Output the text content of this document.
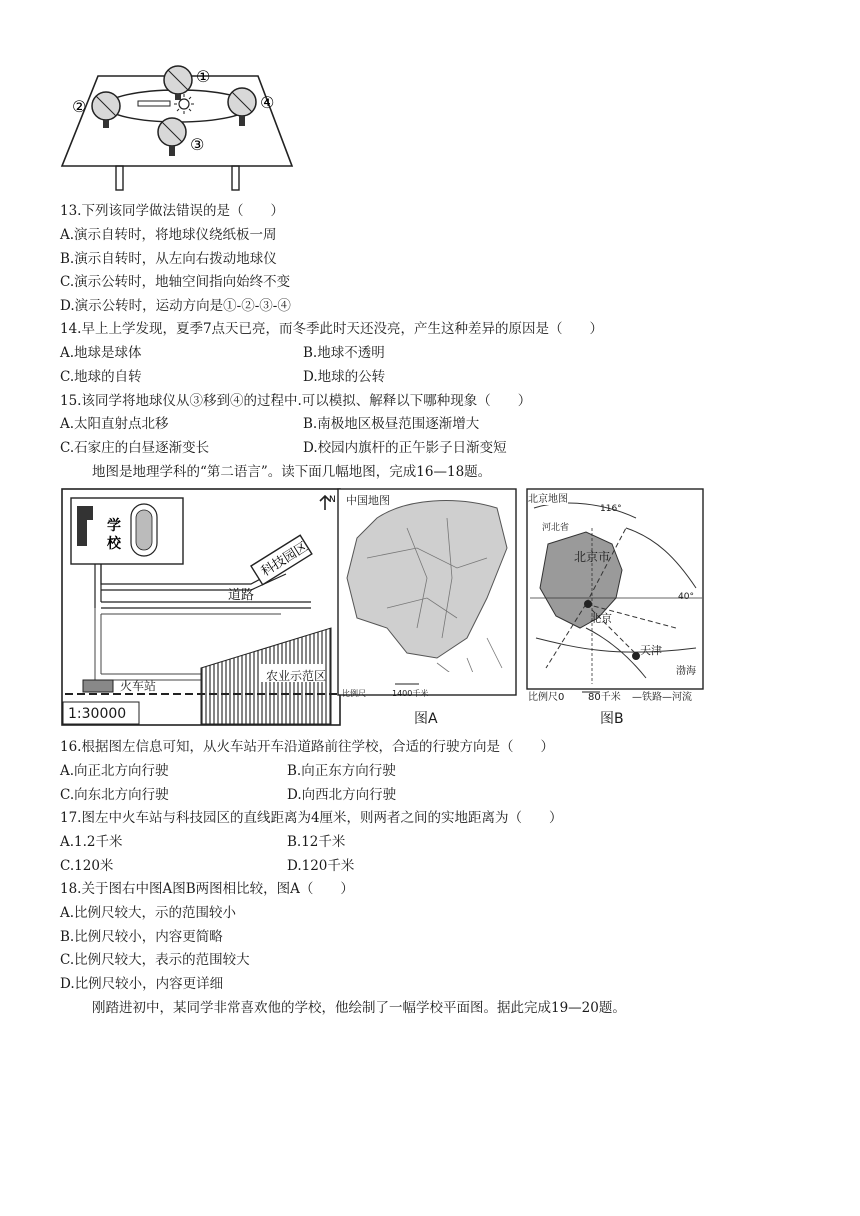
①
②
③
④
13.下列该同学做法错误的是（　　）
A.演示自转时，将地球仪绕纸板一周
B.演示自转时，从左向右拨动地球仪
C.演示公转时，地轴空间指向始终不变
D.演示公转时，运动方向是①-②-③-④
14.早上上学发现，夏季7点天已亮，而冬季此时天还没亮，产生这种差异的原因是（　　）
A.地球是球体	B.地球不透明
C.地球的自转	D.地球的公转
15.该同学将地球仪从③移到④的过程中.可以模拟、解释以下哪种现象（　　）
A.太阳直射点北移	B.南极地区极昼范围逐渐增大
C.石家庄的白昼逐渐变长	D.校园内旗杆的正午影子日渐变短
地图是地理学科的“第二语言”。读下面几幅地图，完成16—18题。
科技园区
N
学
校
道路
火车站
农业示范区
1:30000
中国地图
比例尺	1400千米
图A
北京地图
116°
40°
河北省
北京市
北京
天津
渤海
比例尺0 80千米 —铁路—河流
图B
16.根据图左信息可知，从火车站开车沿道路前往学校，合适的行驶方向是（　　）
A.向正北方向行驶	B.向正东方向行驶
C.向东北方向行驶	D.向西北方向行驶
17.图左中火车站与科技园区的直线距离为4厘米，则两者之间的实地距离为（　　）
A.1.2千米	B.12千米
C.120米	D.120千米
18.关于图右中图A图B两图相比较，图A（　　）
A.比例尺较大，示的范围较小
B.比例尺较小，内容更简略
C.比例尺较大，表示的范围较大
D.比例尺较小，内容更详细
刚踏进初中，某同学非常喜欢他的学校，他绘制了一幅学校平面图。据此完成19—20题。
